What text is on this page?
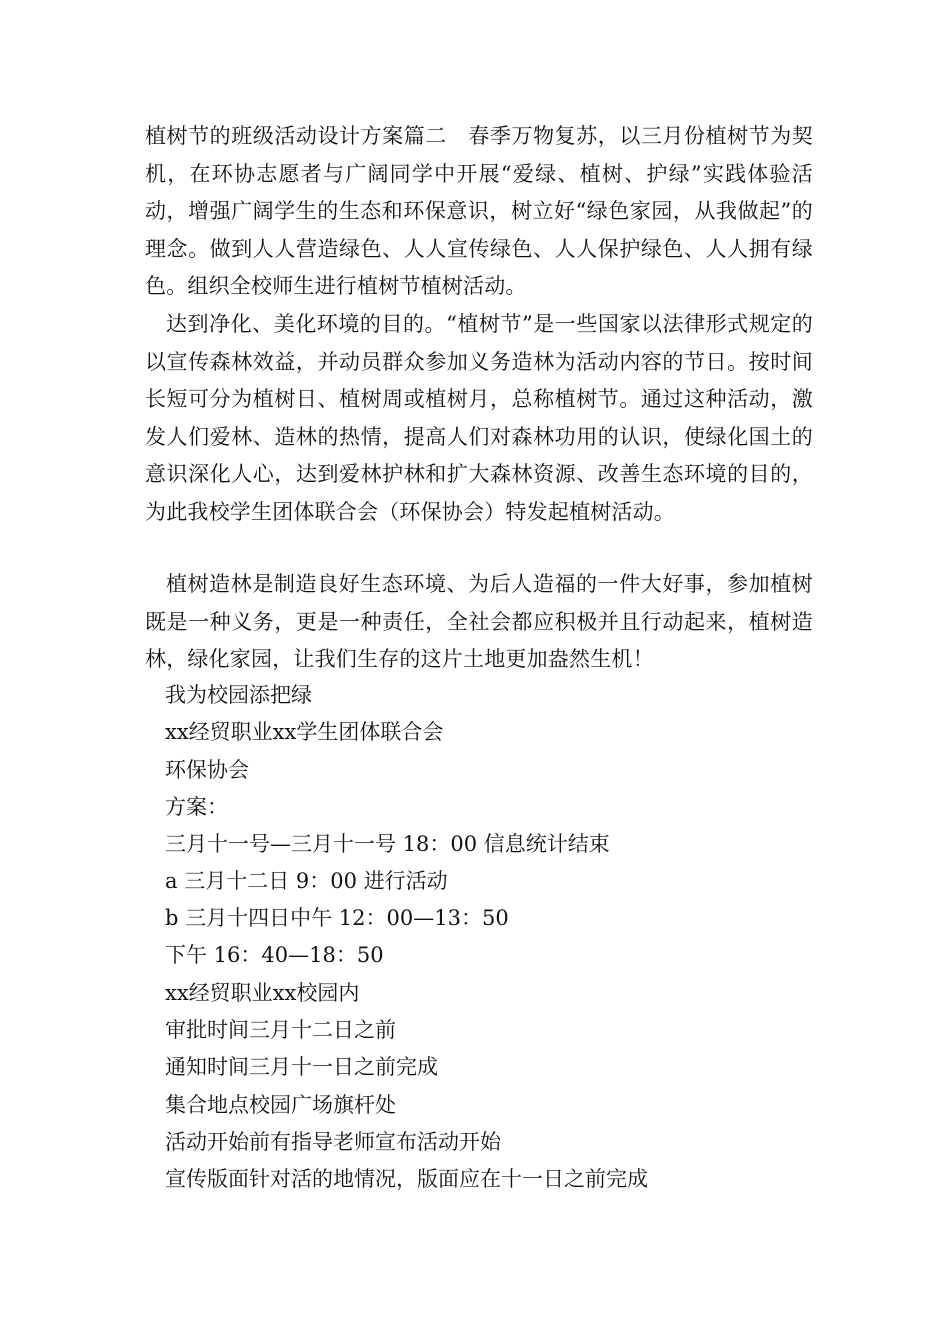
植树节的班级活动设计方案篇二　春季万物复苏，以三月份植树节为契机，在环协志愿者与广阔同学中开展“爱绿、植树、护绿”实践体验活动，增强广阔学生的生态和环保意识，树立好“绿色家园，从我做起”的理念。做到人人营造绿色、人人宣传绿色、人人保护绿色、人人拥有绿色。组织全校师生进行植树节植树活动。

达到净化、美化环境的目的。“植树节”是一些国家以法律形式规定的以宣传森林效益，并动员群众参加义务造林为活动内容的节日。按时间长短可分为植树日、植树周或植树月，总称植树节。通过这种活动，激发人们爱林、造林的热情，提高人们对森林功用的认识，使绿化国土的意识深化人心，达到爱林护林和扩大森林资源、改善生态环境的目的，为此我校学生团体联合会（环保协会）特发起植树活动。

植树造林是制造良好生态环境、为后人造福的一件大好事，参加植树既是一种义务，更是一种责任，全社会都应积极并且行动起来，植树造林，绿化家园，让我们生存的这片土地更加盎然生机！

我为校园添把绿

xx经贸职业xx学生团体联合会

环保协会

方案：

三月十一号—三月十一号 18：00 信息统计结束

a 三月十二日 9：00 进行活动

b 三月十四日中午 12：00—13：50

下午 16：40—18：50

xx经贸职业xx校园内

审批时间三月十二日之前

通知时间三月十一日之前完成

集合地点校园广场旗杆处

活动开始前有指导老师宣布活动开始

宣传版面针对活的地情况，版面应在十一日之前完成
